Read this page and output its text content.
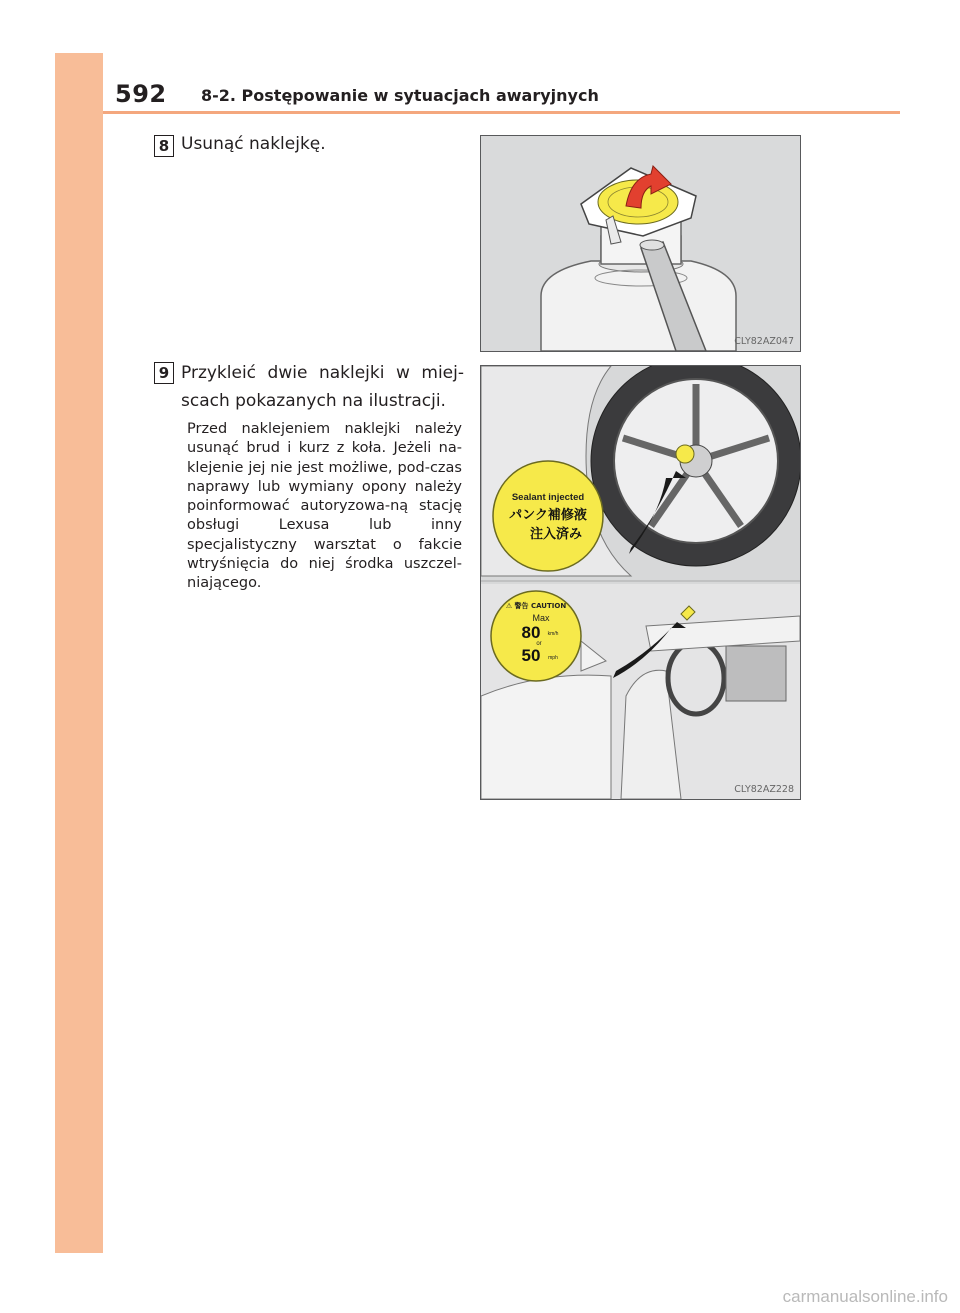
592 8-2. Postępowanie w sytuacjach awaryjnych
8 Usunąć naklejkę.
9 Przykleić dwie naklejki w miej-
scach pokazanych na ilustracji.
Przed naklejeniem naklejki należy usunąć brud i kurz z koła. Jeżeli na-klejenie jej nie jest możliwe, pod-czas naprawy lub wymiany opony należy poinformować autoryzowa-ną stację obsługi Lexusa lub inny specjalistyczny warsztat o fakcie wtryśnięcia do niej środka uszczel-niającego.
CLY82AZ047
Sealant injected
パンク補修液
注入済み
⚠ 警告 CAUTION
Max
80 km/h
or
50 mph
CLY82AZ228
carmanualsonline.info
